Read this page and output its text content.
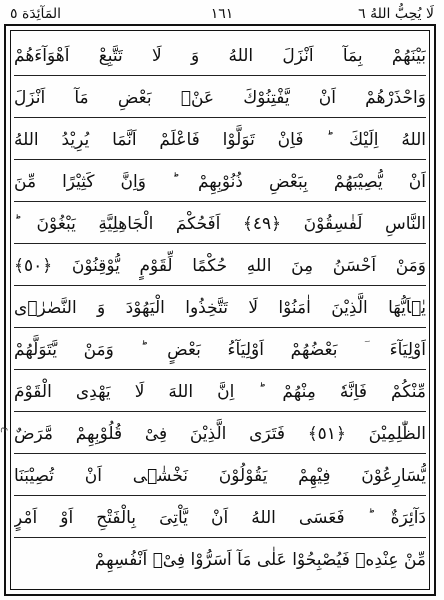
المَآئِدَة ٥	١٦١	لَا يُحِبُّ اللهُ ٦
ع
بَيْنَهُمْ بِمَآ اَنْزَلَ اللهُ وَ لَا تَتَّبِعْ اَهْوَآءَهُمْ
وَاحْذَرْهُمْ اَنْ يَّفْتِنُوْكَ عَنْۢ بَعْضِ مَآ اَنْزَلَ
اللهُ اِلَيْكَ ؕ فَاِنْ تَوَلَّوْا فَاعْلَمْ اَنَّمَا يُرِيْدُ اللهُ
اَنْ يُّصِيْبَهُمْ بِبَعْضِ ذُنُوْبِهِمْ ؕ وَاِنَّ كَثِيْرًا مِّنَ
النَّاسِ لَفٰسِقُوْنَ ﴿٤٩﴾ اَفَحُكْمَ الْجَاهِلِيَّةِ يَبْغُوْنَ ؕ
وَمَنْ اَحْسَنُ مِنَ اللهِ حُكْمًا لِّقَوْمٍ يُّوْقِنُوْنَ ﴿٥٠﴾
يٰۤاَيُّهَا الَّذِيْنَ اٰمَنُوْا لَا تَتَّخِذُوا الْيَهُوْدَ وَ النَّصٰرٰۤى
اَوْلِيَآءَ ؔ بَعْضُهُمْ اَوْلِيَآءُ بَعْضٍ ؕ وَمَنْ يَّتَوَلَّهُمْ
مِّنْكُمْ فَاِنَّهٗ مِنْهُمْ ؕ اِنَّ اللهَ لَا يَهْدِى الْقَوْمَ
الظّٰلِمِيْنَ ﴿٥١﴾ فَتَرَى الَّذِيْنَ فِىْ قُلُوْبِهِمْ مَّرَضٌ
يُّسَارِعُوْنَ فِيْهِمْ يَقُوْلُوْنَ نَخْشٰۤى اَنْ تُصِيْبَنَا
دَآئِرَةٌ ؕ فَعَسَى اللهُ اَنْ يَّاْتِىَ بِالْفَتْحِ اَوْ اَمْرٍ
مِّنْ عِنْدِهٖ فَيُصْبِحُوْا عَلٰى مَآ اَسَرُّوْا فِىْۤ اَنْفُسِهِمْ
